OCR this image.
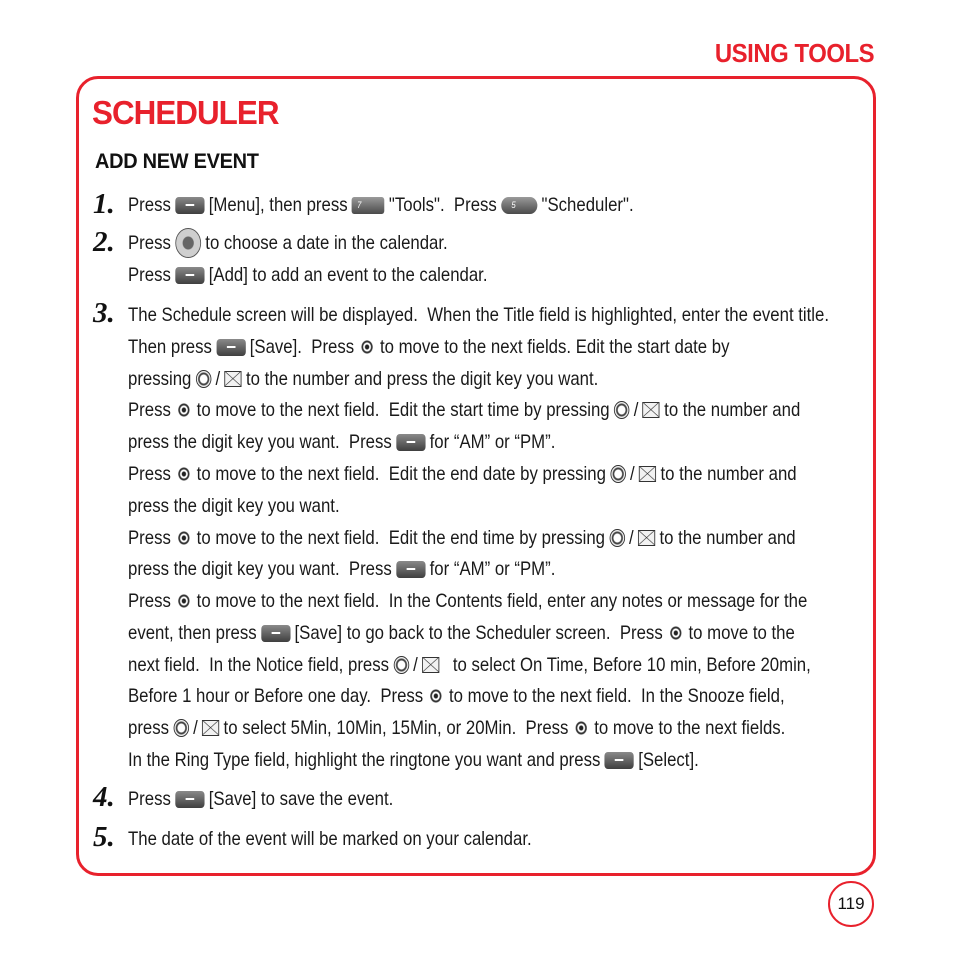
USING TOOLS
SCHEDULER
ADD NEW EVENT
1.
2.
3.
4.
5.
Press [Menu], then press	7	"Tools".  Press	5	"Scheduler".
Press to choose a date in the calendar.
Press [Add] to add an event to the calendar.
The Schedule screen will be displayed.  When the Title field is highlighted, enter the event title.
Then press [Save].  Press to move to the next fields. Edit the start date by
pressing / to the number and press the digit key you want.
Press to move to the next field.  Edit the start time by pressing / to the number and
press the digit key you want.  Press for “AM” or “PM”.
Press to move to the next field.  Edit the end date by pressing / to the number and
press the digit key you want.
Press to move to the next field.  Edit the end time by pressing / to the number and
press the digit key you want.  Press for “AM” or “PM”.
Press to move to the next field.  In the Contents field, enter any notes or message for the
event, then press [Save] to go back to the Scheduler screen.  Press to move to the
next field.  In the Notice field, press / to select On Time, Before 10 min, Before 20min,
Before 1 hour or Before one day.  Press to move to the next field.  In the Snooze field,
press / to select 5Min, 10Min, 15Min, or 20Min.  Press to move to the next fields.
In the Ring Type field, highlight the ringtone you want and press [Select].
Press [Save] to save the event.
The date of the event will be marked on your calendar.
119
